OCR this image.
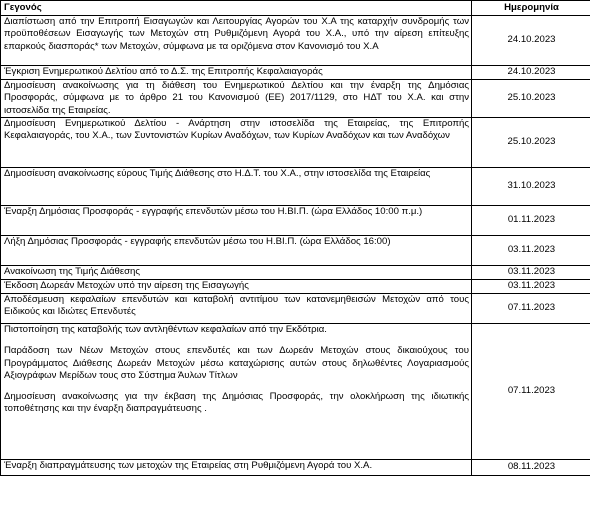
Γεγονός	Ημερομηνία
Διαπίστωση από την Επιτροπή Εισαγωγών και Λειτουργίας Αγορών του Χ.Α της καταρχήν συνδρομής των προϋποθέσεων Εισαγωγής των Μετοχών στη Ρυθμιζόμενη Αγορά του Χ.Α., υπό την αίρεση επίτευξης επαρκούς διασποράς* των Μετοχών, σύμφωνα με τα οριζόμενα στον Κανονισμό του Χ.Α	24.10.2023
Έγκριση Ενημερωτικού Δελτίου από το Δ.Σ. της Επιτροπής Κεφαλαιαγοράς	24.10.2023
Δημοσίευση ανακοίνωσης για τη διάθεση του Ενημερωτικού Δελτίου και την έναρξη της Δημόσιας Προσφοράς, σύμφωνα με το άρθρο 21 του Κανονισμού (ΕΕ) 2017/1129, στο ΗΔΤ του Χ.Α. και στην ιστοσελίδα της Εταιρείας.	25.10.2023
Δημοσίευση Ενημερωτικού Δελτίου - Ανάρτηση στην ιστοσελίδα της Εταιρείας, της Επιτροπής Κεφαλαιαγοράς, του Χ.Α., των Συντονιστών Κυρίων Αναδόχων, των Κυρίων Αναδόχων και των Αναδόχων	25.10.2023
Δημοσίευση ανακοίνωσης εύρους Τιμής Διάθεσης στο Η.Δ.Τ. του Χ.Α., στην ιστοσελίδα της Εταιρείας	31.10.2023
Έναρξη Δημόσιας Προσφοράς - εγγραφής επενδυτών μέσω του Η.ΒΙ.Π. (ώρα Ελλάδος 10:00 π.μ.)	01.11.2023
Λήξη Δημόσιας Προσφοράς - εγγραφής επενδυτών μέσω του Η.ΒΙ.Π. (ώρα Ελλάδος 16:00)	03.11.2023
Ανακοίνωση της Τιμής Διάθεσης	03.11.2023
Έκδοση Δωρεάν Μετοχών υπό την αίρεση της Εισαγωγής	03.11.2023
Αποδέσμευση κεφαλαίων επενδυτών και καταβολή αντιτίμου των κατανεμηθεισών Μετοχών από τους Ειδικούς και Ιδιώτες Επενδυτές	07.11.2023

Πιστοποίηση της καταβολής των αντληθέντων κεφαλαίων από την Εκδότρια.

Παράδοση των Νέων Μετοχών στους επενδυτές και των Δωρεάν Μετοχών στους δικαιούχους του Προγράμματος Διάθεσης Δωρεάν Μετοχών μέσω καταχώρισης αυτών στους δηλωθέντες Λογαριασμούς Αξιογράφων Μερίδων τους στο Σύστημα Άυλων Τίτλων

Δημοσίευση ανακοίνωσης για την έκβαση της Δημόσιας Προσφοράς, την ολοκλήρωση της ιδιωτικής τοποθέτησης και την έναρξη διαπραγμάτευσης .	07.11.2023
Έναρξη διαπραγμάτευσης των μετοχών της Εταιρείας στη Ρυθμιζόμενη Αγορά του Χ.Α.	08.11.2023
